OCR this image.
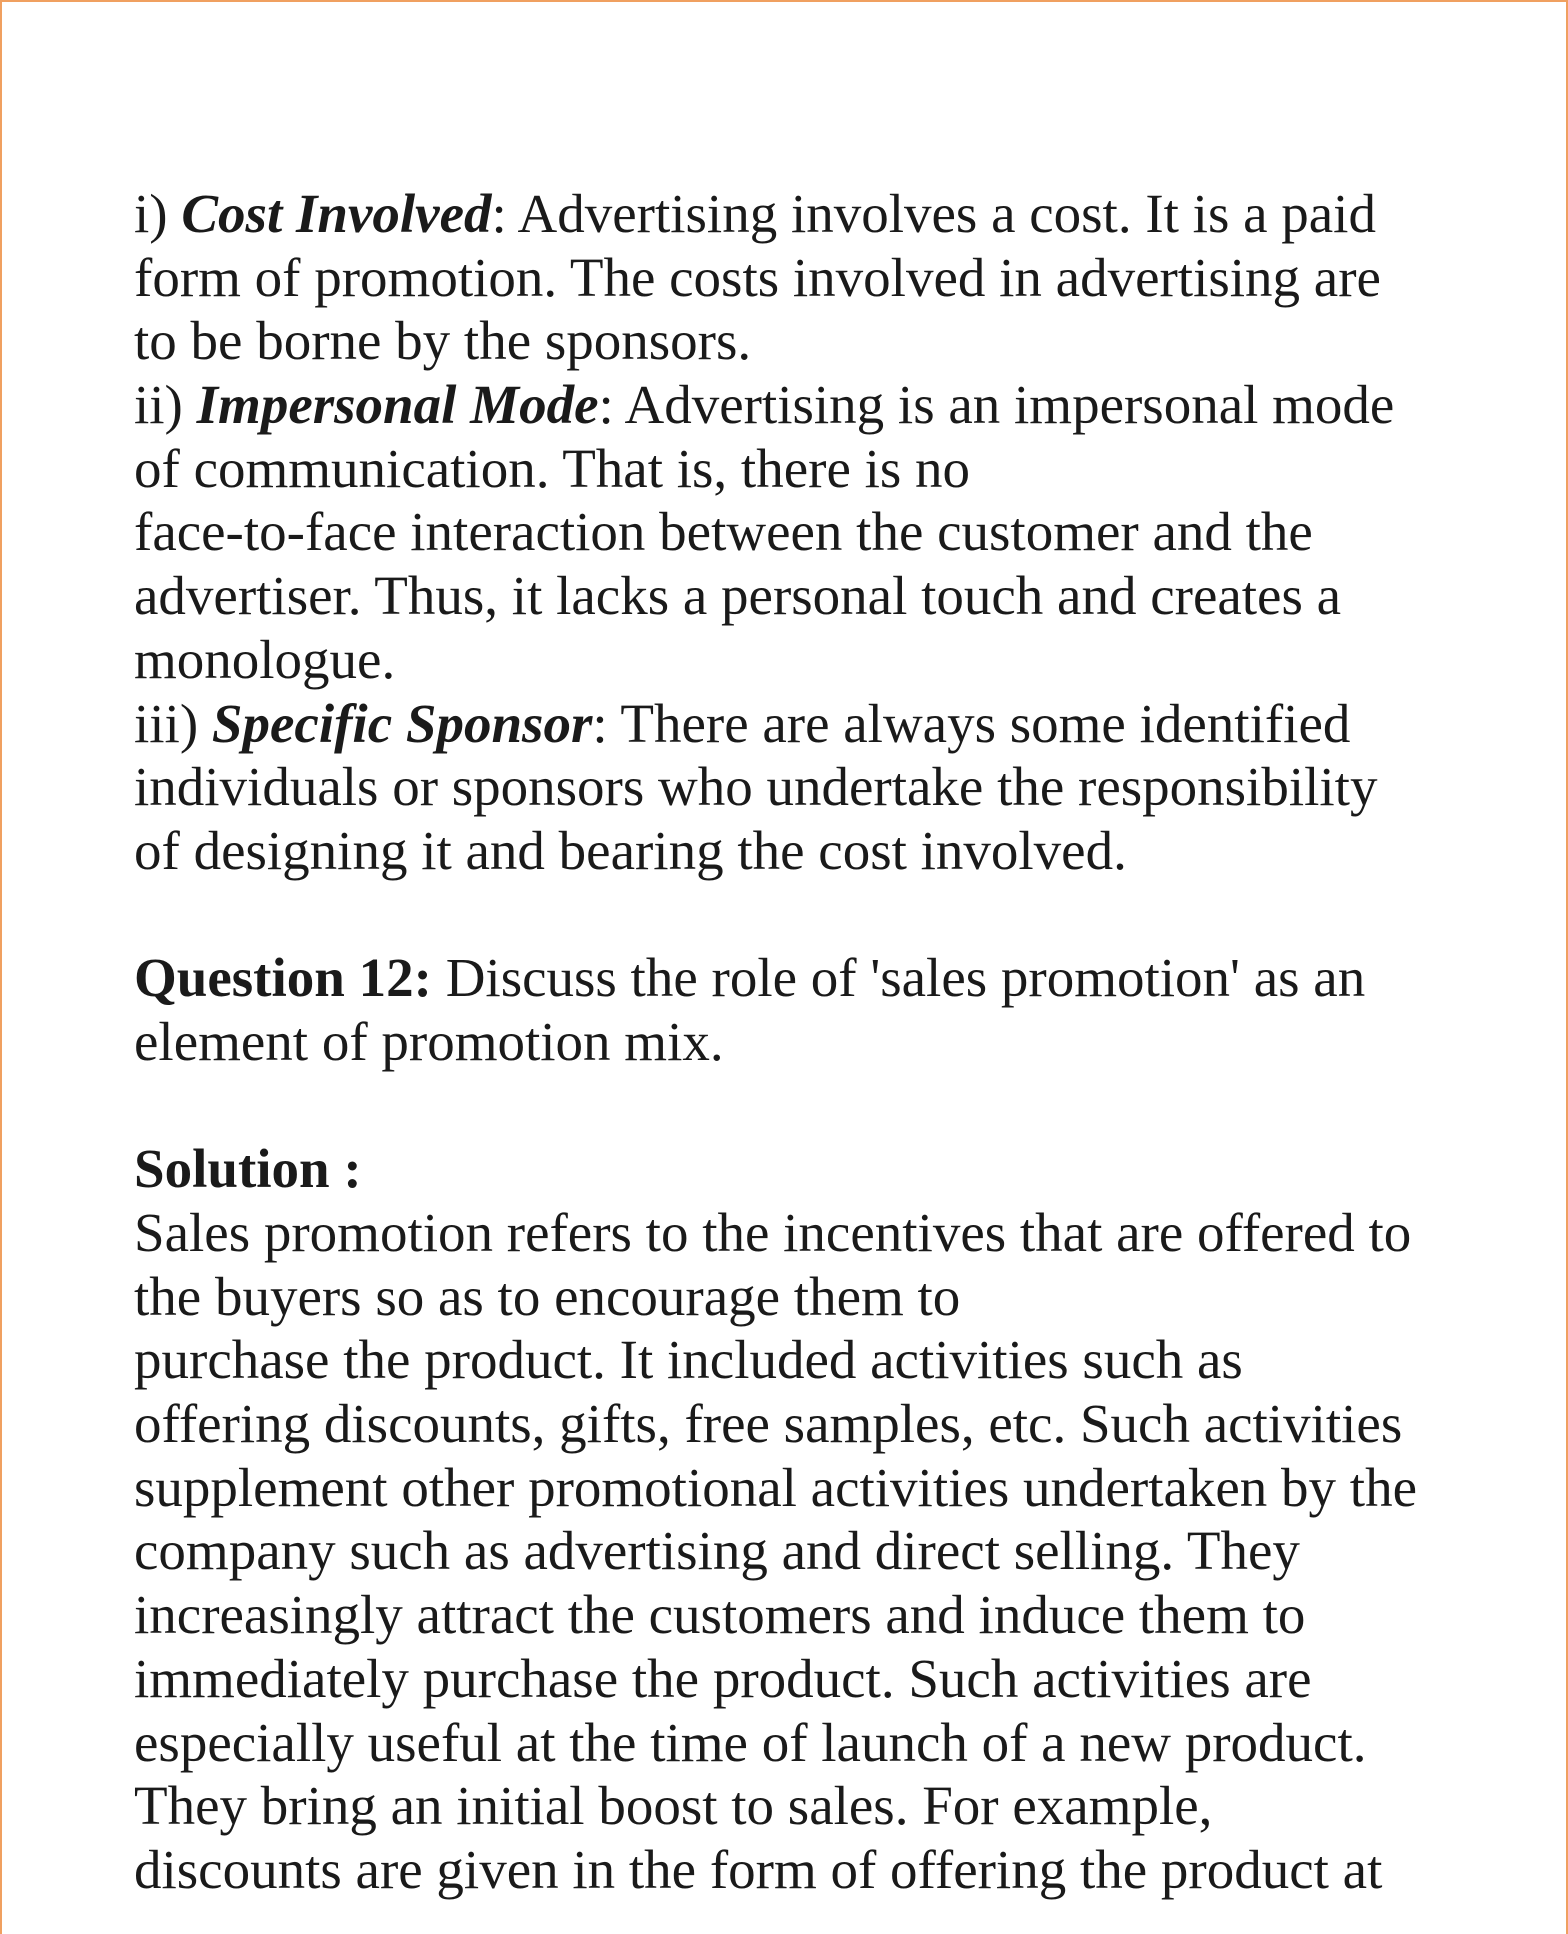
i) Cost Involved: Advertising involves a cost. It is a paid
form of promotion. The costs involved in advertising are
to be borne by the sponsors.
ii) Impersonal Mode: Advertising is an impersonal mode
of communication. That is, there is no
face-to-face interaction between the customer and the
advertiser. Thus, it lacks a personal touch and creates a
monologue.
iii) Specific Sponsor: There are always some identified
individuals or sponsors who undertake the responsibility
of designing it and bearing the cost involved.
Question 12: Discuss the role of 'sales promotion' as an
element of promotion mix.
Solution :
Sales promotion refers to the incentives that are offered to
the buyers so as to encourage them to
purchase the product. It included activities such as
offering discounts, gifts, free samples, etc. Such activities
supplement other promotional activities undertaken by the
company such as advertising and direct selling. They
increasingly attract the customers and induce them to
immediately purchase the product. Such activities are
especially useful at the time of launch of a new product.
They bring an initial boost to sales. For example,
discounts are given in the form of offering the product at
